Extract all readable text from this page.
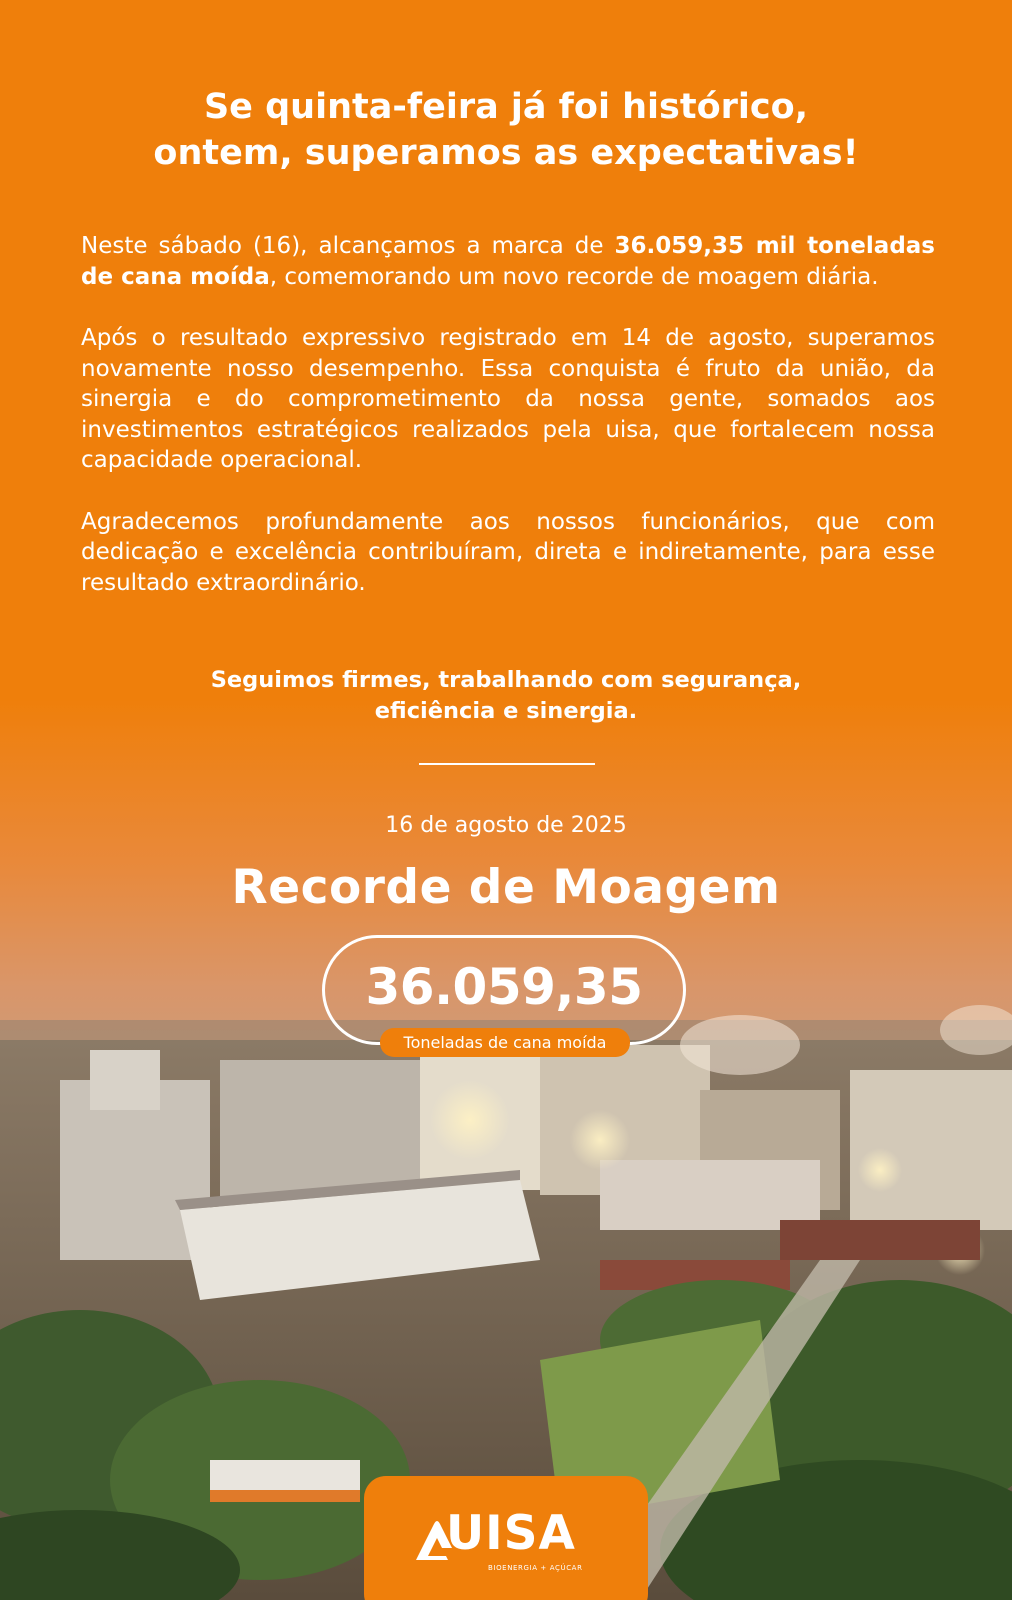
Se quinta-feira já foi histórico,
ontem, superamos as expectativas!

Neste sábado (16), alcançamos a marca de 36.059,35 mil toneladas de cana moída, comemorando um novo recorde de moagem diária.

Após o resultado expressivo registrado em 14 de agosto, superamos novamente nosso desempenho. Essa conquista é fruto da união, da sinergia e do comprometimento da nossa gente, somados aos investimentos estratégicos realizados pela uisa, que fortalecem nossa capacidade operacional.

Agradecemos profundamente aos nossos funcionários, que com dedicação e excelência contribuíram, direta e indiretamente, para esse resultado extraordinário.

Seguimos firmes, trabalhando com segurança,
eficiência e sinergia.
16 de agosto de 2025
Recorde de Moagem
36.059,35
Toneladas de cana moída
UISA
BIOENERGIA + AÇÚCAR
